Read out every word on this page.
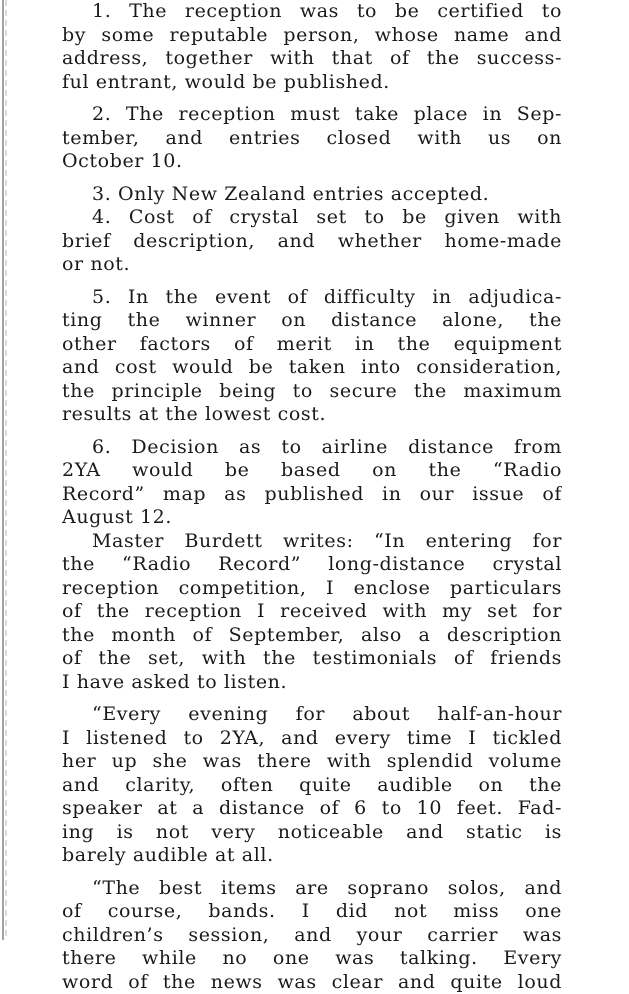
1. The reception was to be certified to
by some reputable person, whose name and
address, together with that of the success-
ful entrant, would be published.
2. The reception must take place in Sep-
tember, and entries closed with us on
October 10.
3. Only New Zealand entries accepted.
4. Cost of crystal set to be given with
brief description, and whether home-made
or not.
5. In the event of difficulty in adjudica-
ting the winner on distance alone, the
other factors of merit in the equipment
and cost would be taken into consideration,
the principle being to secure the maximum
results at the lowest cost.
6. Decision as to airline distance from
2YA would be based on the “Radio
Record” map as published in our issue of
August 12.
Master Burdett writes: “In entering for
the “Radio Record” long-distance crystal
reception competition, I enclose particulars
of the reception I received with my set for
the month of September, also a description
of the set, with the testimonials of friends
I have asked to listen.
“Every evening for about half-an-hour
I listened to 2YA, and every time I tickled
her up she was there with splendid volume
and clarity, often quite audible on the
speaker at a distance of 6 to 10 feet. Fad-
ing is not very noticeable and static is
barely audible at all.
“The best items are soprano solos, and
of course, bands. I did not miss one
children’s session, and your carrier was
there while no one was talking. Every
word of the news was clear and quite loud
